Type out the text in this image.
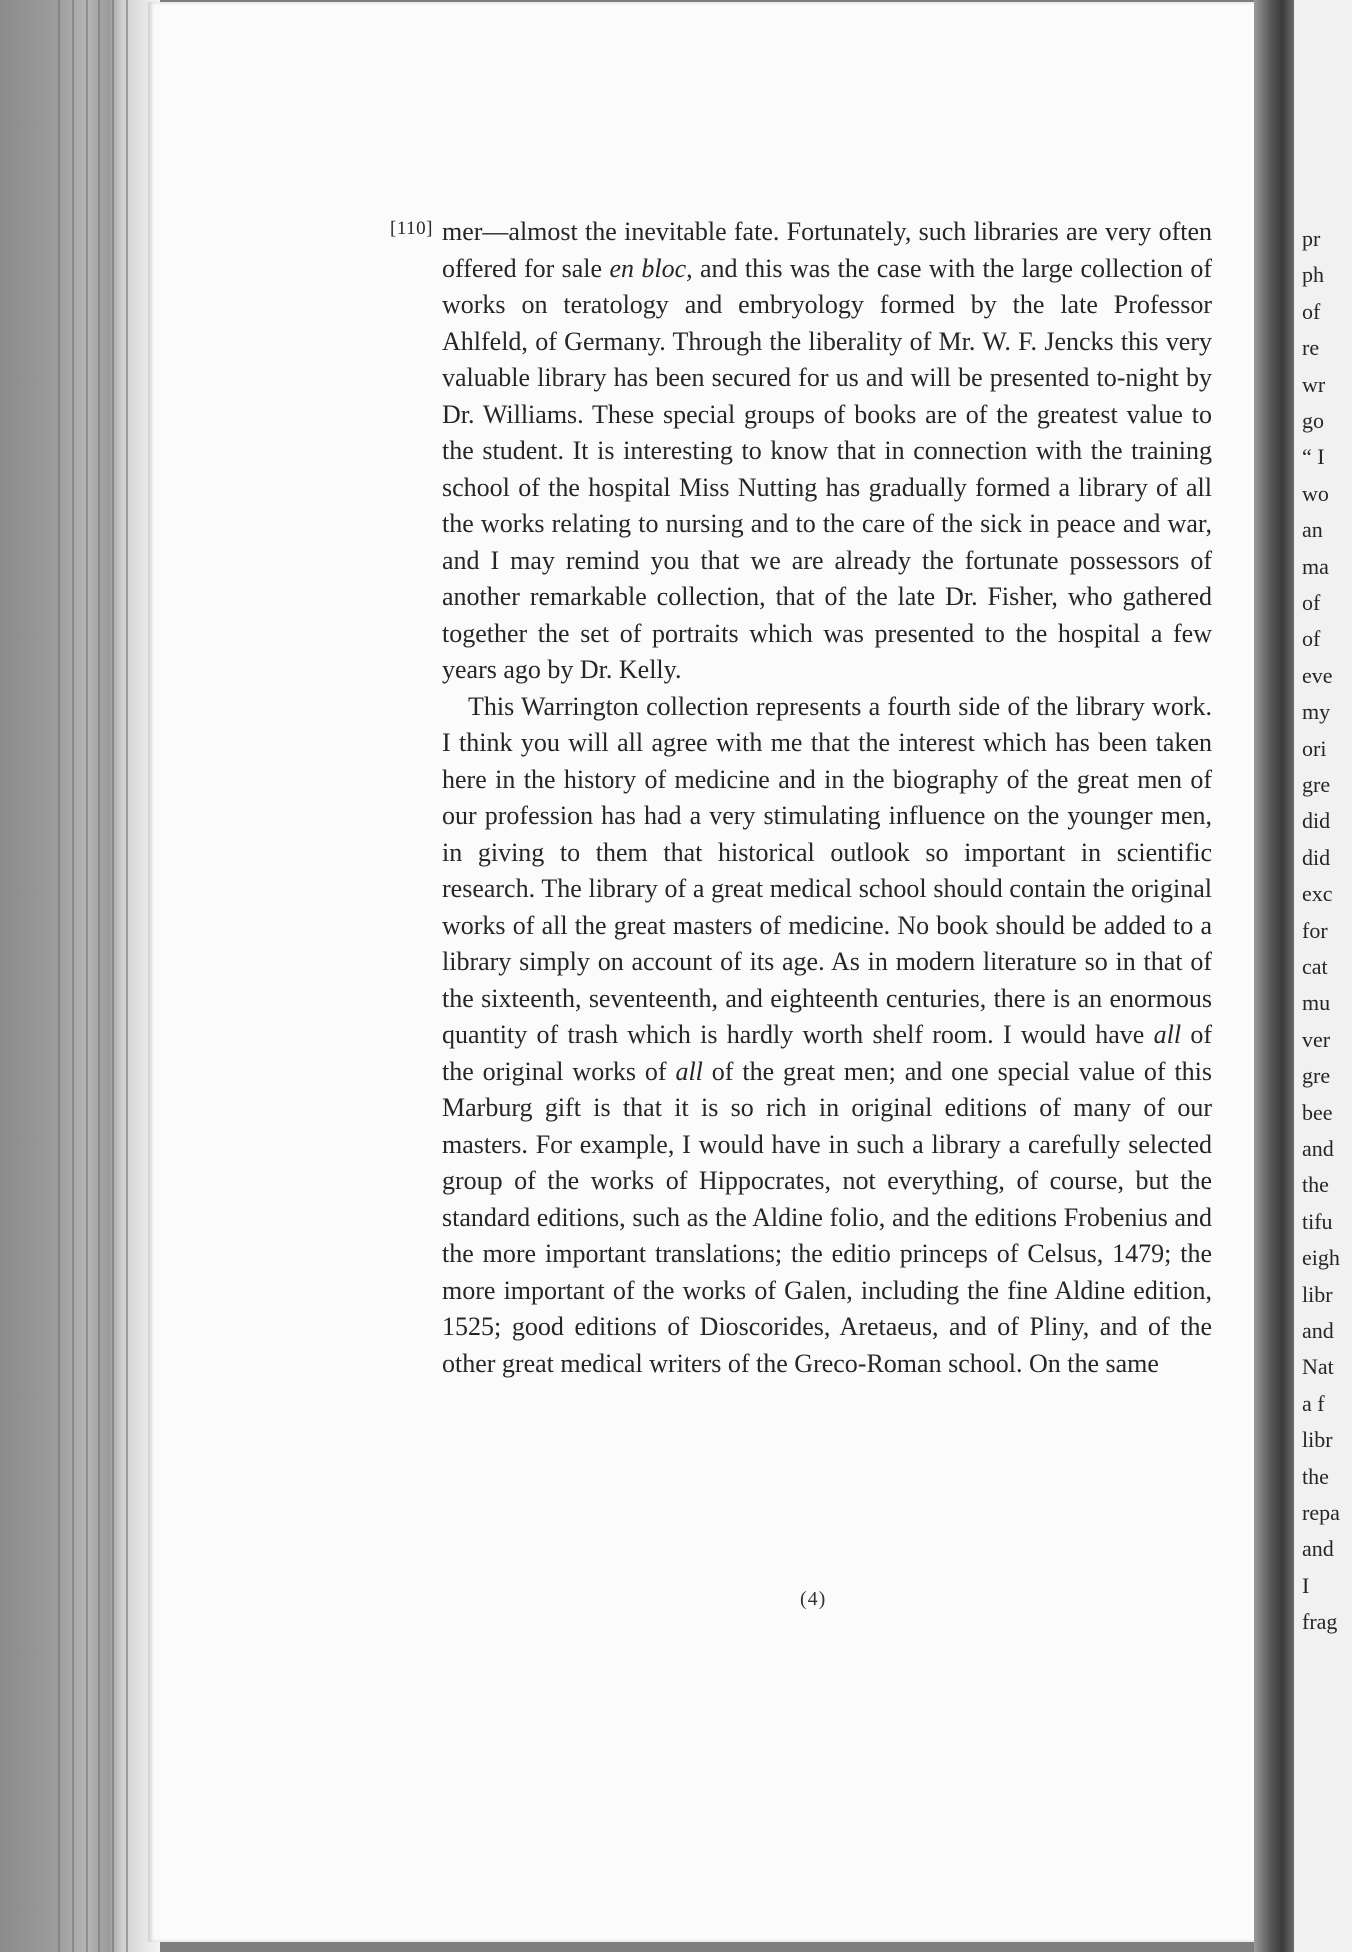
pr
ph
of
re
wr
go
“ I
wo
an
ma
of
of
eve
my
ori
gre
did
did
exc
for
cat
mu
ver
gre
bee
and
the
tifu
eigh
libr
and
Nat
a f
libr
the
repa
and
I
frag
[110] mer—almost the inevitable fate. Fortunately, such libraries are very often offered for sale en bloc, and this was the case with the large collection of works on teratology and embryology formed by the late Professor Ahlfeld, of Germany. Through the liberality of Mr. W. F. Jencks this very valuable library has been secured for us and will be presented to-night by Dr. Williams. These special groups of books are of the greatest value to the student. It is interesting to know that in connection with the training school of the hospital Miss Nutting has gradually formed a library of all the works relating to nursing and to the care of the sick in peace and war, and I may remind you that we are already the fortunate possessors of another remarkable collection, that of the late Dr. Fisher, who gathered together the set of portraits which was presented to the hospital a few years ago by Dr. Kelly.

This Warrington collection represents a fourth side of the library work. I think you will all agree with me that the interest which has been taken here in the history of medicine and in the biography of the great men of our profession has had a very stimulating influence on the younger men, in giving to them that historical outlook so important in scientific research. The library of a great medical school should contain the original works of all the great masters of medicine. No book should be added to a library simply on account of its age. As in modern literature so in that of the sixteenth, seventeenth, and eighteenth centuries, there is an enormous quantity of trash which is hardly worth shelf room. I would have all of the original works of all of the great men; and one special value of this Marburg gift is that it is so rich in original editions of many of our masters. For example, I would have in such a library a carefully selected group of the works of Hippocrates, not everything, of course, but the standard editions, such as the Aldine folio, and the editions Frobenius and the more important translations; the editio princeps of Celsus, 1479; the more important of the works of Galen, including the fine Aldine edition, 1525; good editions of Dioscorides, Aretaeus, and of Pliny, and of the other great medical writers of the Greco-Roman school. On the same

(4)
